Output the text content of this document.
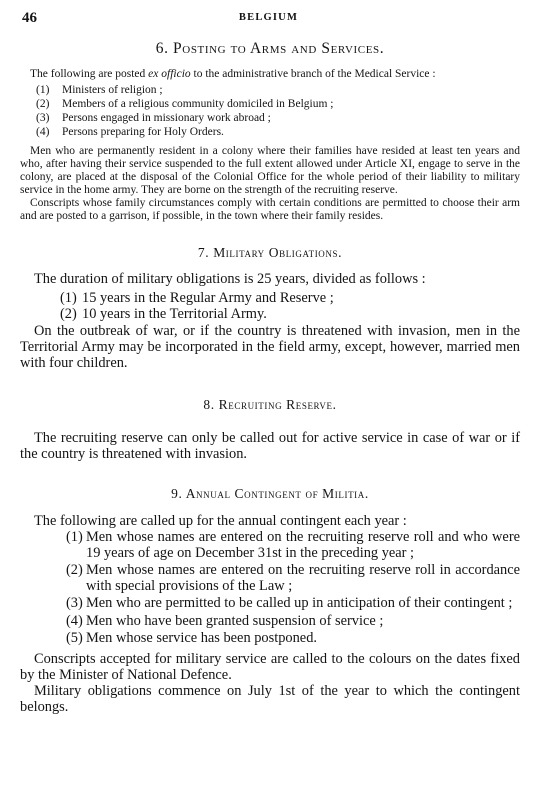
46	BELGIUM
6. Posting to Arms and Services.

The following are posted ex officio to the administrative branch of the Medical Service :

(1) Ministers of religion ;
(2) Members of a religious community domiciled in Belgium ;
(3) Persons engaged in missionary work abroad ;
(4) Persons preparing for Holy Orders.

Men who are permanently resident in a colony where their families have resided at least ten years and who, after having their service suspended to the full extent allowed under Article XI, engage to serve in the colony, are placed at the disposal of the Colonial Office for the whole period of their liability to military service in the home army. They are borne on the strength of the recruiting reserve.

Conscripts whose family circumstances comply with certain conditions are permitted to choose their arm and are posted to a garrison, if possible, in the town where their family resides.

7. Military Obligations.

The duration of military obligations is 25 years, divided as follows :

(1) 15 years in the Regular Army and Reserve ;
(2) 10 years in the Territorial Army.

On the outbreak of war, or if the country is threatened with invasion, men in the Territorial Army may be incorporated in the field army, except, however, married men with four children.

8. Recruiting Reserve.

The recruiting reserve can only be called out for active service in case of war or if the country is threatened with invasion.

9. Annual Contingent of Militia.

The following are called up for the annual contingent each year :

(1) Men whose names are entered on the recruiting reserve roll and who were 19 years of age on December 31st in the preceding year ;
(2) Men whose names are entered on the recruiting reserve roll in accordance with special provisions of the Law ;
(3) Men who are permitted to be called up in anticipation of their contingent ;
(4) Men who have been granted suspension of service ;
(5) Men whose service has been postponed.

Conscripts accepted for military service are called to the colours on the dates fixed by the Minister of National Defence.

Military obligations commence on July 1st of the year to which the contingent belongs.
